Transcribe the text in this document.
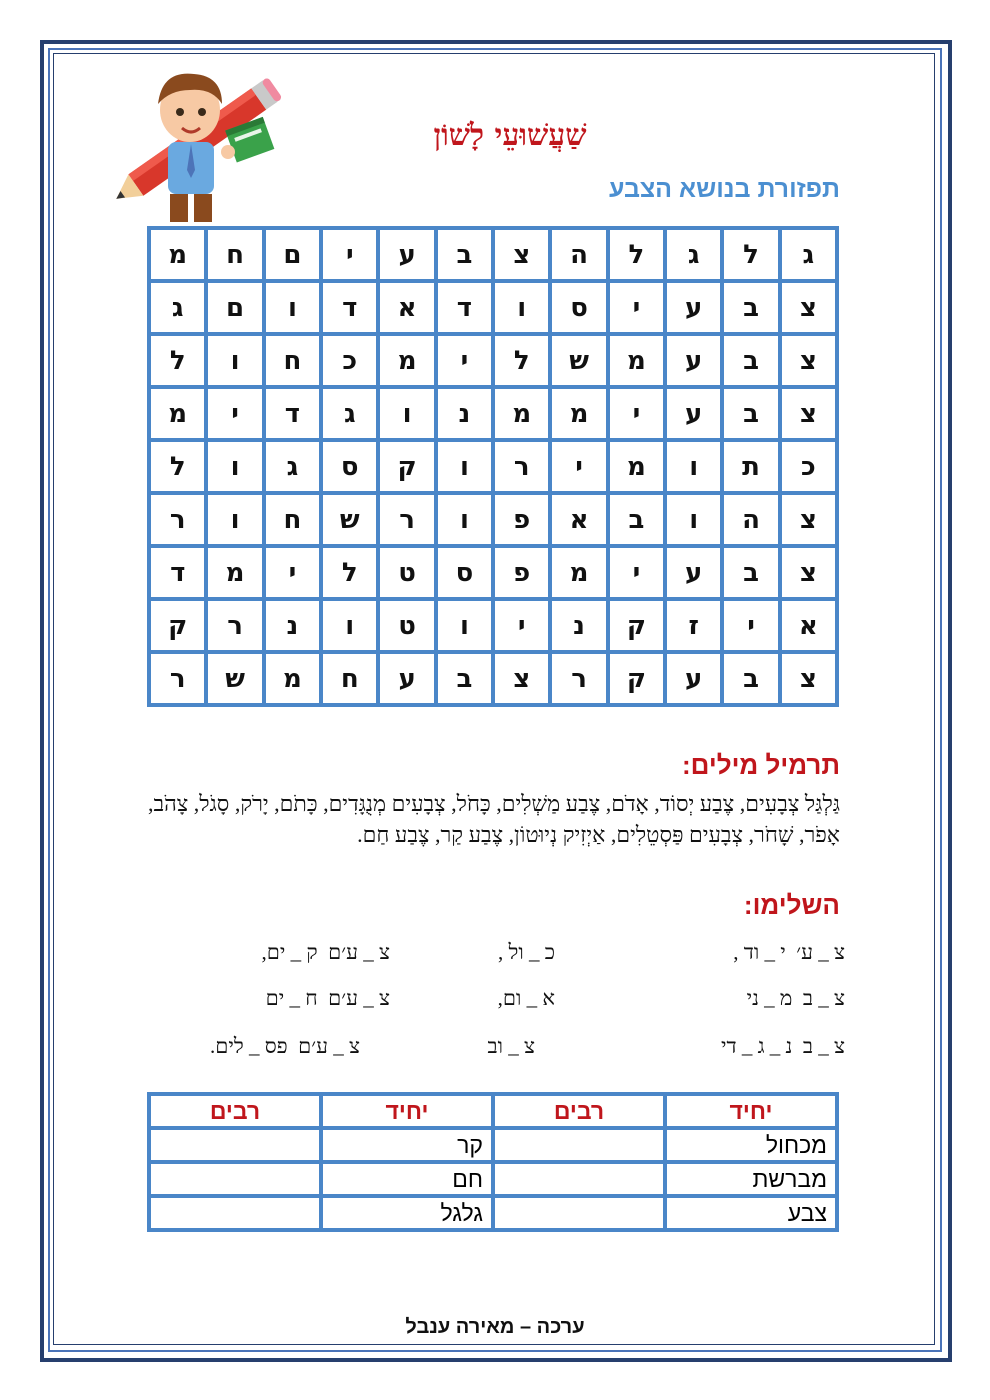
שַׁעֲשׁוּעֵי לָשׁוֹן
תפזורת בנושא הצבע
ג	ל	ג	ל	ה	צ	ב	ע	י	ם	ח	מ
צ	ב	ע	י	ס	ו	ד	א	ד	ו	ם	ג
צ	ב	ע	מ	ש	ל	י	מ	כ	ח	ו	ל
צ	ב	ע	י	מ	מ	נ	ו	ג	ד	י	מ
כ	ת	ו	מ	י	ר	ו	ק	ס	ג	ו	ל
צ	ה	ו	ב	א	פ	ו	ר	ש	ח	ו	ר
צ	ב	ע	י	מ	פ	ס	ט	ל	י	מ	ד
א	י	ז	ק	נ	י	ו	ט	ו	נ	ר	ק
צ	ב	ע	ק	ר	צ	ב	ע	ח	מ	ש	ר
תרמיל מילים:
גַּלְגַּל צְבָעִים, צֶבַע יְסוֹד, אָדֹם, צֶבַע מַשְׁלִים, כָּחֹל, צְבָעִים מְנֻגָּדִים, כָּתֹם, יָרֹק, סָגֹל, צָהֹב, אָפֹר, שָׁחֹר, צְבָעִים פַּסְטֵלִים, אַיְזִיק נְיוּטוֹן, צֶבַע קַר, צֶבַע חַם.
השלימו:
צ _ ע׳  י _ וד ,
כ _ ול ,
צ _ ע׳ם  ק _ ים,
צ _ ב  מ _ ני
א _ ום,
צ _ ע׳ם  ח _ ים
צ _ ב  נ _ ג _ די
צ _ וב
צ _ ע׳ם  פס _ לים.
יחיד	רבים	יחיד	רבים
מכחול		קר	
מברשת		חם	
צבע		גלגל	
ערכה – מאירה ענבל
